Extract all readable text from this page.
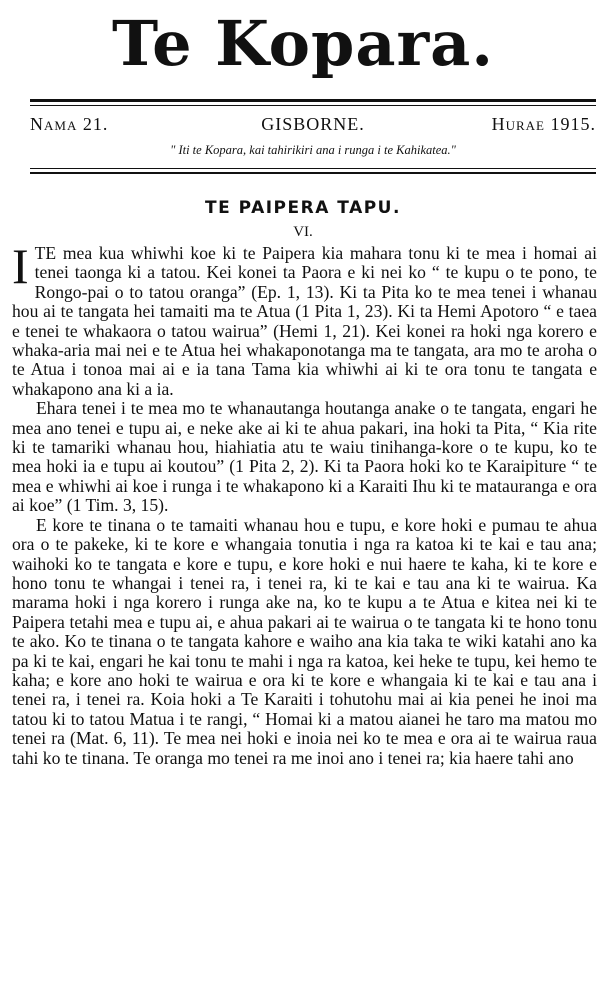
Te Kopara.
Nama 21.	GISBORNE.	Hurae 1915.
" Iti te Kopara, kai tahirikiri ana i runga i te Kahikatea."
TE PAIPERA TAPU.
VI.

I TE mea kua whiwhi koe ki te Paipera kia mahara tonu ki te mea i homai ai tenei taonga ki a tatou. Kei konei ta Paora e ki nei ko “ te kupu o te pono, te Rongo-pai o to tatou oranga” (Ep. 1, 13). Ki ta Pita ko te mea tenei i whanau hou ai te tangata hei tamaiti ma te Atua (1 Pita 1, 23). Ki ta Hemi Apotoro “ e taea e tenei te whakaora o tatou wairua” (Hemi 1, 21). Kei konei ra hoki nga korero e whaka-aria mai nei e te Atua hei whakaponotanga ma te tangata, ara mo te aroha o te Atua i tonoa mai ai e ia tana Tama kia whiwhi ai ki te ora tonu te tangata e whakapono ana ki a ia.

Ehara tenei i te mea mo te whanautanga houtanga anake o te tangata, engari he mea ano tenei e tupu ai, e neke ake ai ki te ahua pakari, ina hoki ta Pita, “ Kia rite ki te tamariki whanau hou, hiahiatia atu te waiu tinihanga-kore o te kupu, ko te mea hoki ia e tupu ai koutou” (1 Pita 2, 2). Ki ta Paora hoki ko te Karaipiture “ te mea e whiwhi ai koe i runga i te whakapono ki a Karaiti Ihu ki te matauranga e ora ai koe” (1 Tim. 3, 15).

E kore te tinana o te tamaiti whanau hou e tupu, e kore hoki e pumau te ahua ora o te pakeke, ki te kore e whangaia tonutia i nga ra katoa ki te kai e tau ana; waihoki ko te tangata e kore e tupu, e kore hoki e nui haere te kaha, ki te kore e hono tonu te whangai i tenei ra, i tenei ra, ki te kai e tau ana ki te wairua. Ka marama hoki i nga korero i runga ake na, ko te kupu a te Atua e kitea nei ki te Paipera tetahi mea e tupu ai, e ahua pakari ai te wairua o te tangata ki te hono tonu te ako. Ko te tinana o te tangata kahore e waiho ana kia taka te wiki katahi ano ka pa ki te kai, engari he kai tonu te mahi i nga ra katoa, kei heke te tupu, kei hemo te kaha; e kore ano hoki te wairua e ora ki te kore e whangaia ki te kai e tau ana i tenei ra, i tenei ra. Koia hoki a Te Karaiti i tohutohu mai ai kia penei he inoi ma tatou ki to tatou Matua i te rangi, “ Homai ki a matou aianei he taro ma matou mo tenei ra (Mat. 6, 11). Te mea nei hoki e inoia nei ko te mea e ora ai te wairua raua tahi ko te tinana. Te oranga mo tenei ra me inoi ano i tenei ra; kia haere tahi ano
